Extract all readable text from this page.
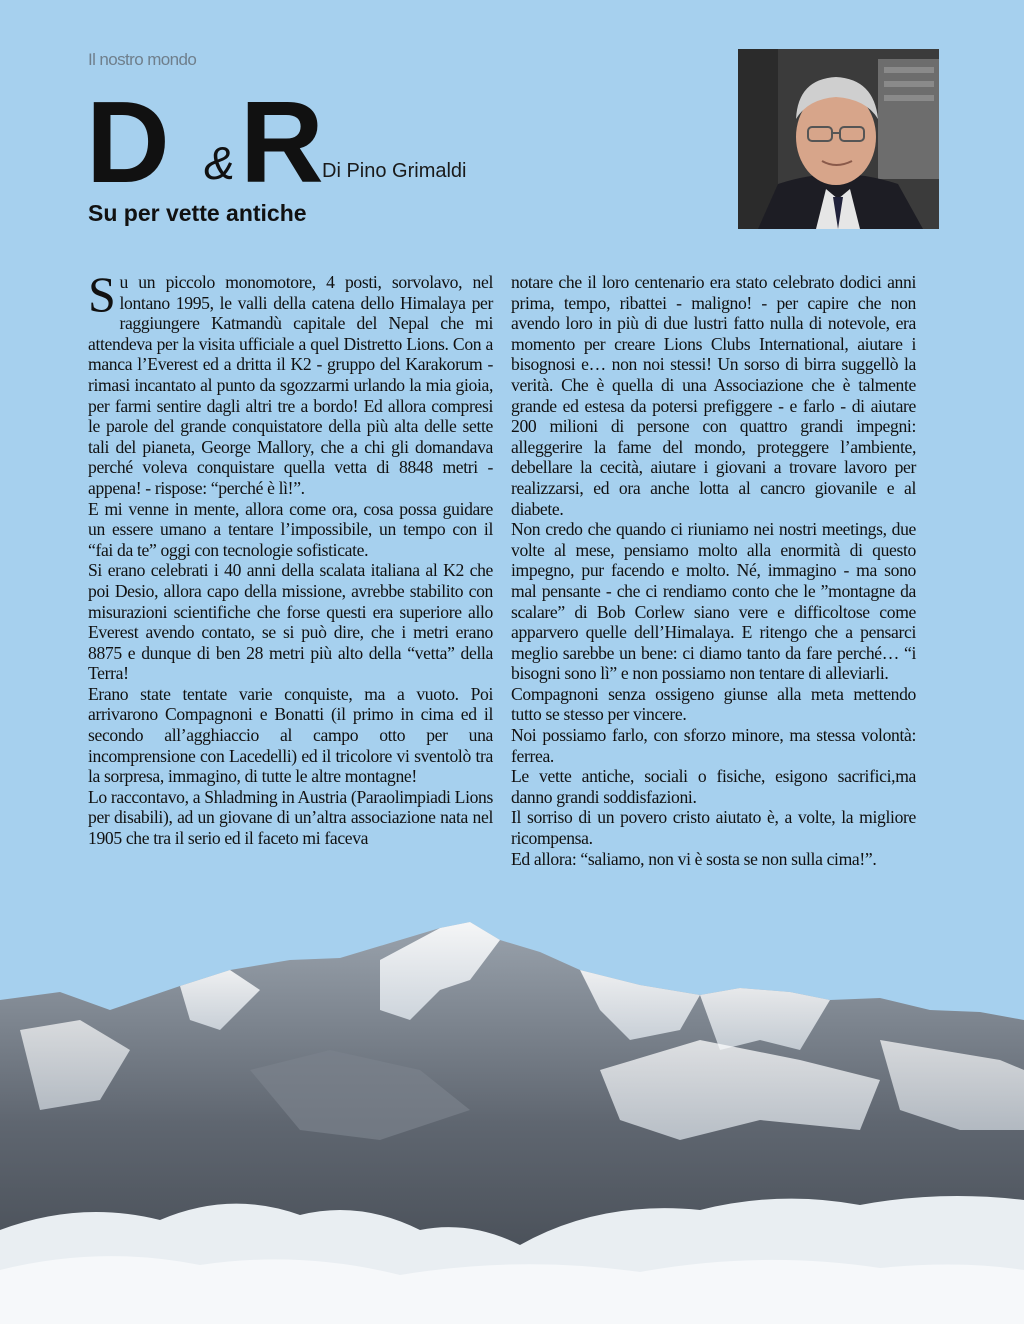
Il nostro mondo
D & R Di Pino Grimaldi
Su per vette antiche

Su un piccolo monomotore, 4 posti, sorvolavo, nel lontano 1995, le valli della catena dello Himalaya per raggiungere Katmandù capitale del Nepal che mi attendeva per la visita ufficiale a quel Distretto Lions. Con a manca l’Everest ed a dritta il K2 - gruppo del Karakorum - rimasi incantato al punto da sgozzarmi urlando la mia gioia, per farmi sentire dagli altri tre a bordo! Ed allora compresi le parole del grande conquistatore della più alta delle sette tali del pianeta, George Mallory, che a chi gli domandava perché voleva conquistare quella vetta di 8848 metri - appena! - rispose: “perché è lì!”.

E mi venne in mente, allora come ora, cosa possa guidare un essere umano a tentare l’impossibile, un tempo con il “fai da te” oggi con tecnologie sofisticate.

Si erano celebrati i 40 anni della scalata italiana al K2 che poi Desio, allora capo della missione, avrebbe stabilito con misurazioni scientifiche che forse questi era superiore allo Everest avendo contato, se si può dire, che i metri erano 8875 e dunque di ben 28 metri più alto della “vetta” della Terra!

Erano state tentate varie conquiste, ma a vuoto. Poi arrivarono Compagnoni e Bonatti (il primo in cima ed il secondo all’agghiaccio al campo otto per una incomprensione con Lacedelli) ed il tricolore vi sventolò tra la sorpresa, immagino, di tutte le altre montagne!

Lo raccontavo, a Shladming in Austria (Paraolimpiadi Lions per disabili), ad un giovane di un’altra associazione nata nel 1905 che tra il serio ed il faceto mi faceva

notare che il loro centenario era stato celebrato dodici anni prima, tempo, ribattei - maligno! - per capire che non avendo loro in più di due lustri fatto nulla di notevole, era momento per creare Lions Clubs International, aiutare i bisognosi e… non noi stessi! Un sorso di birra suggellò la verità. Che è quella di una Associazione che è talmente grande ed estesa da potersi prefiggere - e farlo - di aiutare 200 milioni di persone con quattro grandi impegni: alleggerire la fame del mondo, proteggere l’ambiente, debellare la cecità, aiutare i giovani a trovare lavoro per realizzarsi, ed ora anche lotta al cancro giovanile e al diabete.

Non credo che quando ci riuniamo nei nostri meetings, due volte al mese, pensiamo molto alla enormità di questo impegno, pur facendo e molto. Né, immagino - ma sono mal pensante - che ci rendiamo conto che le ”montagne da scalare” di Bob Corlew siano vere e difficoltose come apparvero quelle dell’Himalaya. E ritengo che a pensarci meglio sarebbe un bene: ci diamo tanto da fare perché… “i bisogni sono lì” e non possiamo non tentare di alleviarli.

Compagnoni senza ossigeno giunse alla meta mettendo tutto se stesso per vincere.

Noi possiamo farlo, con sforzo minore, ma stessa volontà: ferrea.

Le vette antiche, sociali o fisiche, esigono sacrifici,ma danno grandi soddisfazioni.

Il sorriso di un povero cristo aiutato è, a volte, la migliore ricompensa.

Ed allora: “saliamo, non vi è sosta se non sulla cima!”.
